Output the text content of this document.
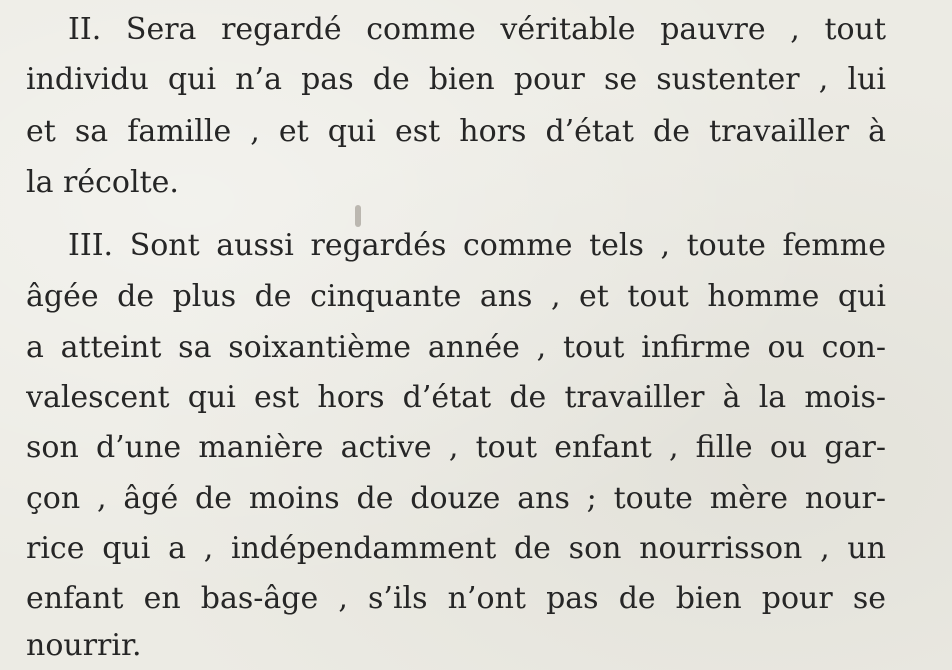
II. Sera regardé comme véritable pauvre , tout
individu qui n’a pas de bien pour se sustenter , lui
et sa famille , et qui est hors d’état de travailler à
la récolte.
III. Sont aussi regardés comme tels , toute femme
âgée de plus de cinquante ans , et tout homme qui
a atteint sa soixantième année , tout infirme ou con-
valescent qui est hors d’état de travailler à la mois-
son d’une manière active , tout enfant , fille ou gar-
çon , âgé de moins de douze ans ; toute mère nour-
rice qui a , indépendamment de son nourrisson , un
enfant en bas-âge , s’ils n’ont pas de bien pour se
nourrir.
